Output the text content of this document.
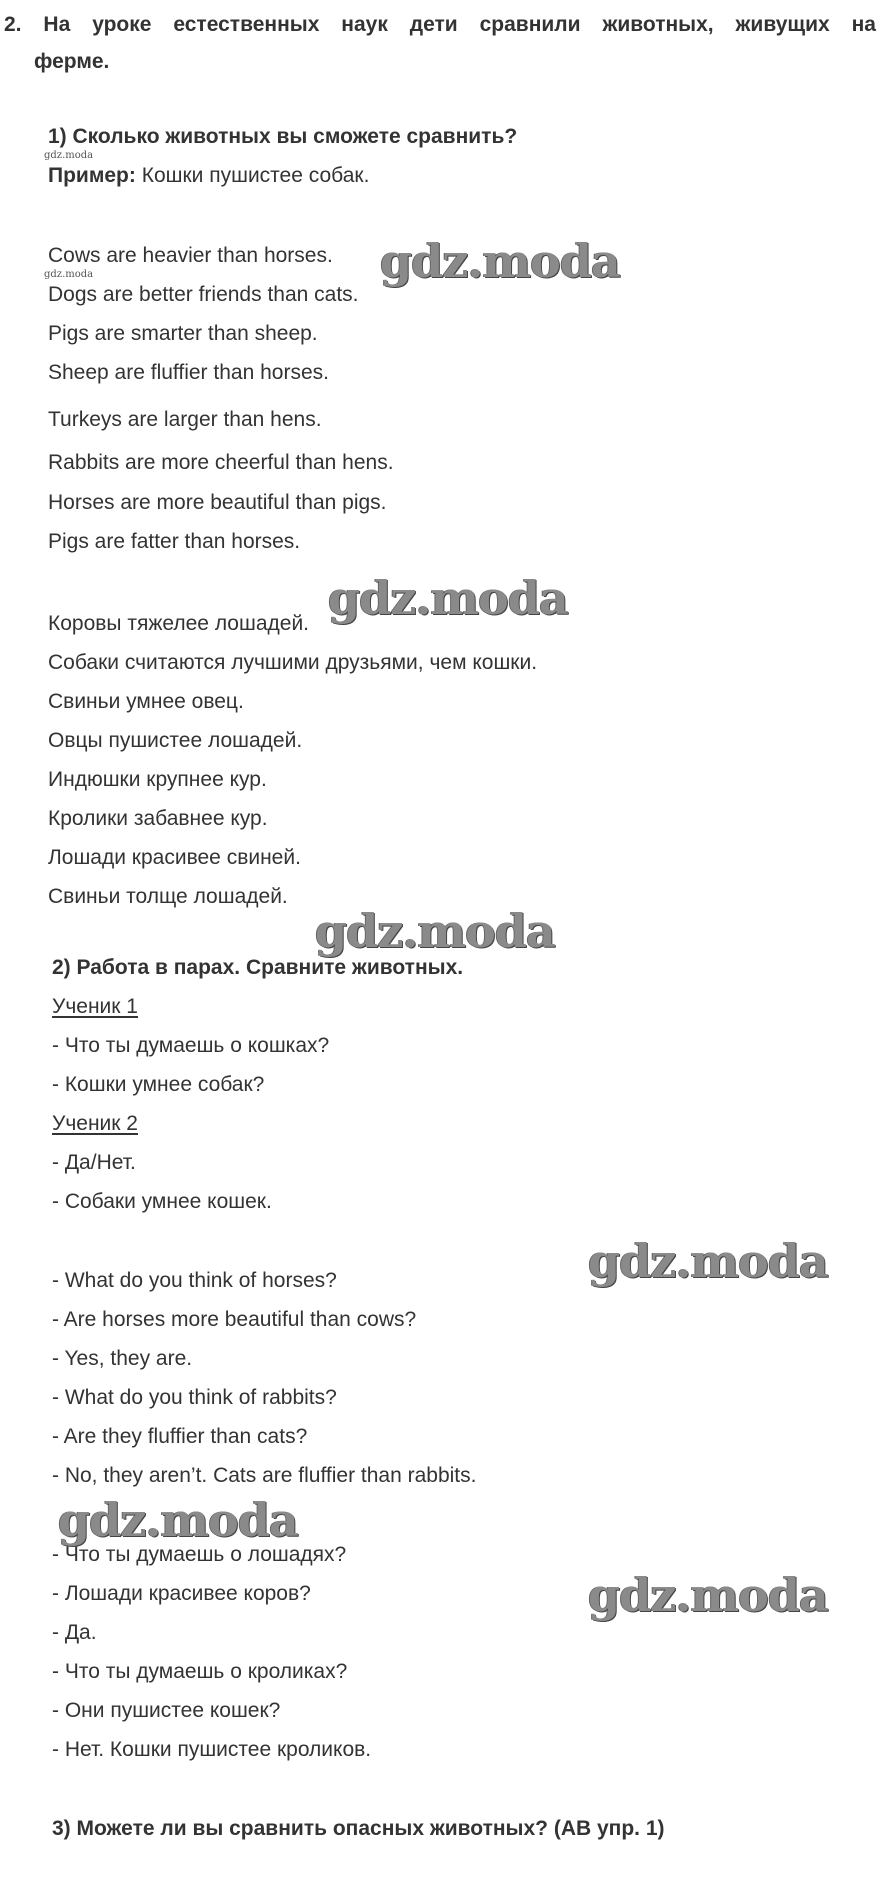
2. На уроке естественных наук дети сравнили животных, живущих на
ферме.
1) Сколько животных вы сможете сравнить?
gdz.moda
Пример: Кошки пушистее собак.
Cows are heavier than horses.
gdz.moda
Dogs are better friends than cats.
Pigs are smarter than sheep.
Sheep are fluffier than horses.
Turkeys are larger than hens.
Rabbits are more cheerful than hens.
Horses are more beautiful than pigs.
Pigs are fatter than horses.
Коровы тяжелее лошадей.
Собаки считаются лучшими друзьями, чем кошки.
Свиньи умнее овец.
Овцы пушистее лошадей.
Индюшки крупнее кур.
Кролики забавнее кур.
Лошади красивее свиней.
Свиньи толще лошадей.
2) Работа в парах. Сравните животных.
Ученик 1
- Что ты думаешь о кошках?
- Кошки умнее собак?
Ученик 2
- Да/Нет.
- Собаки умнее кошек.
- What do you think of horses?
- Are horses more beautiful than cows?
- Yes, they are.
- What do you think of rabbits?
- Are they fluffier than cats?
- No, they aren’t. Cats are fluffier than rabbits.
- Что ты думаешь о лошадях?
- Лошади красивее коров?
- Да.
- Что ты думаешь о кроликах?
- Они пушистее кошек?
- Нет. Кошки пушистее кроликов.
3) Можете ли вы сравнить опасных животных? (АВ упр. 1)
gdz.moda
gdz.moda
gdz.moda
gdz.moda
gdz.moda
gdz.moda
